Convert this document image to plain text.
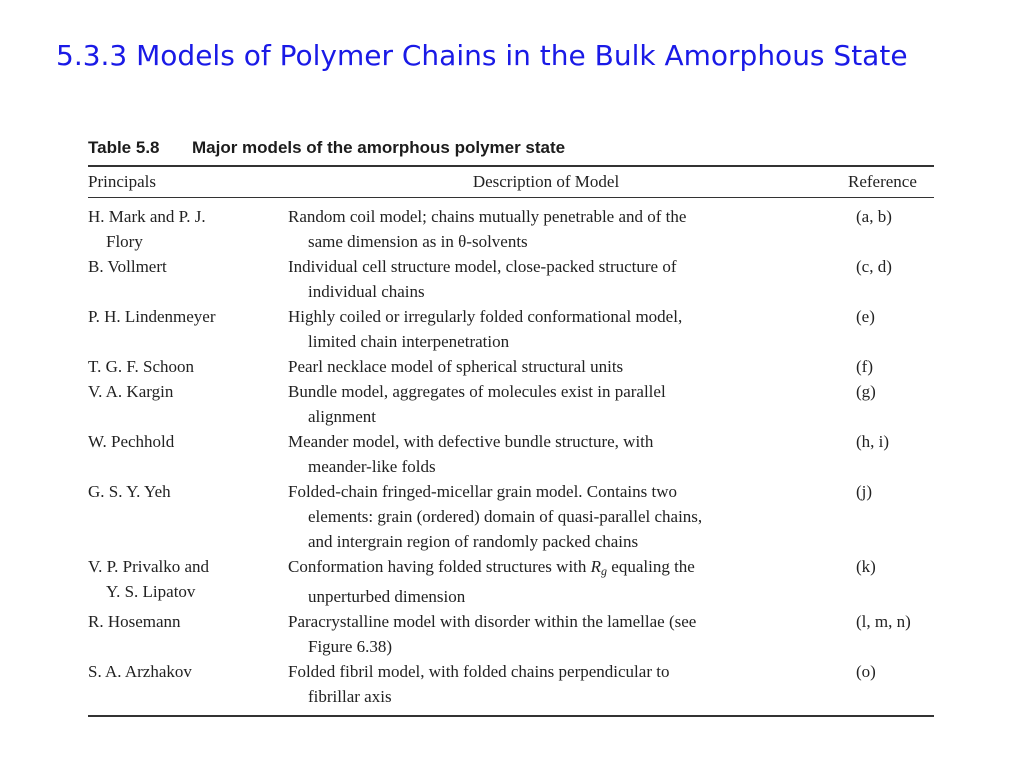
5.3.3 Models of Polymer Chains in the Bulk Amorphous State
Table 5.8 Major models of the amorphous polymer state
Principals	Description of Model	Reference

H. Mark and P. J.
Flory	Random coil model; chains mutually penetrable and of the
same dimension as in θ-solvents	(a, b)

B. Vollmert	Individual cell structure model, close-packed structure of
individual chains	(c, d)

P. H. Lindenmeyer	Highly coiled or irregularly folded conformational model,
limited chain interpenetration	(e)

T. G. F. Schoon	Pearl necklace model of spherical structural units	(f)

V. A. Kargin	Bundle model, aggregates of molecules exist in parallel
alignment	(g)

W. Pechhold	Meander model, with defective bundle structure, with
meander-like folds	(h, i)

G. S. Y. Yeh	Folded-chain fringed-micellar grain model. Contains two
elements: grain (ordered) domain of quasi-parallel chains,
and intergrain region of randomly packed chains	(j)

V. P. Privalko and
Y. S. Lipatov	Conformation having folded structures with Rg equaling the
unperturbed dimension	(k)

R. Hosemann	Paracrystalline model with disorder within the lamellae (see
Figure 6.38)	(l, m, n)

S. A. Arzhakov	Folded fibril model, with folded chains perpendicular to
fibrillar axis	(o)
